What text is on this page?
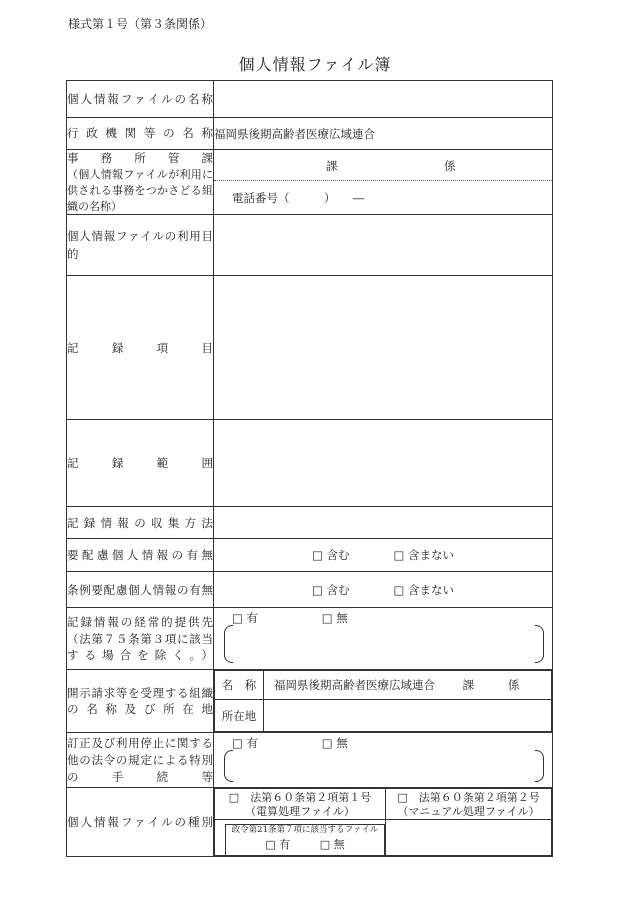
様式第１号（第３条関係）
個人情報ファイル簿
個人情報ファイルの名称

行政機関等の名称	福岡県後期高齢者医療広域連合

事務所管課
（個人情報ファイルが利用に供される事務をつかさどる組織の名称）

課	係
電話番号（　　　）　　―

個人情報ファイルの利用目的

記録項目

記録範囲

記録情報の収集方法

要配慮個人情報の有無	□ 含む	□ 含まない

条例要配慮個人情報の有無	□ 含む	□ 含まない

記録情報の経常的提供先（法第７５条第３項に該当する場合を除く。）

□ 有	□ 無

開示請求等を受理する組織の名称及び所在地

名　称	福岡県後期高齢者医療広域連合 課	係
所在地	

訂正及び利用停止に関する他の法令の規定による特別の手続等

□ 有	□ 無

個人情報ファイルの種別

□　法第６０条第２項第１号
（電算処理ファイル）

□　法第６０条第２項第２号
（マニュアル処理ファイル）

政令第21条第７項に該当するファイル
□ 有	□ 無
